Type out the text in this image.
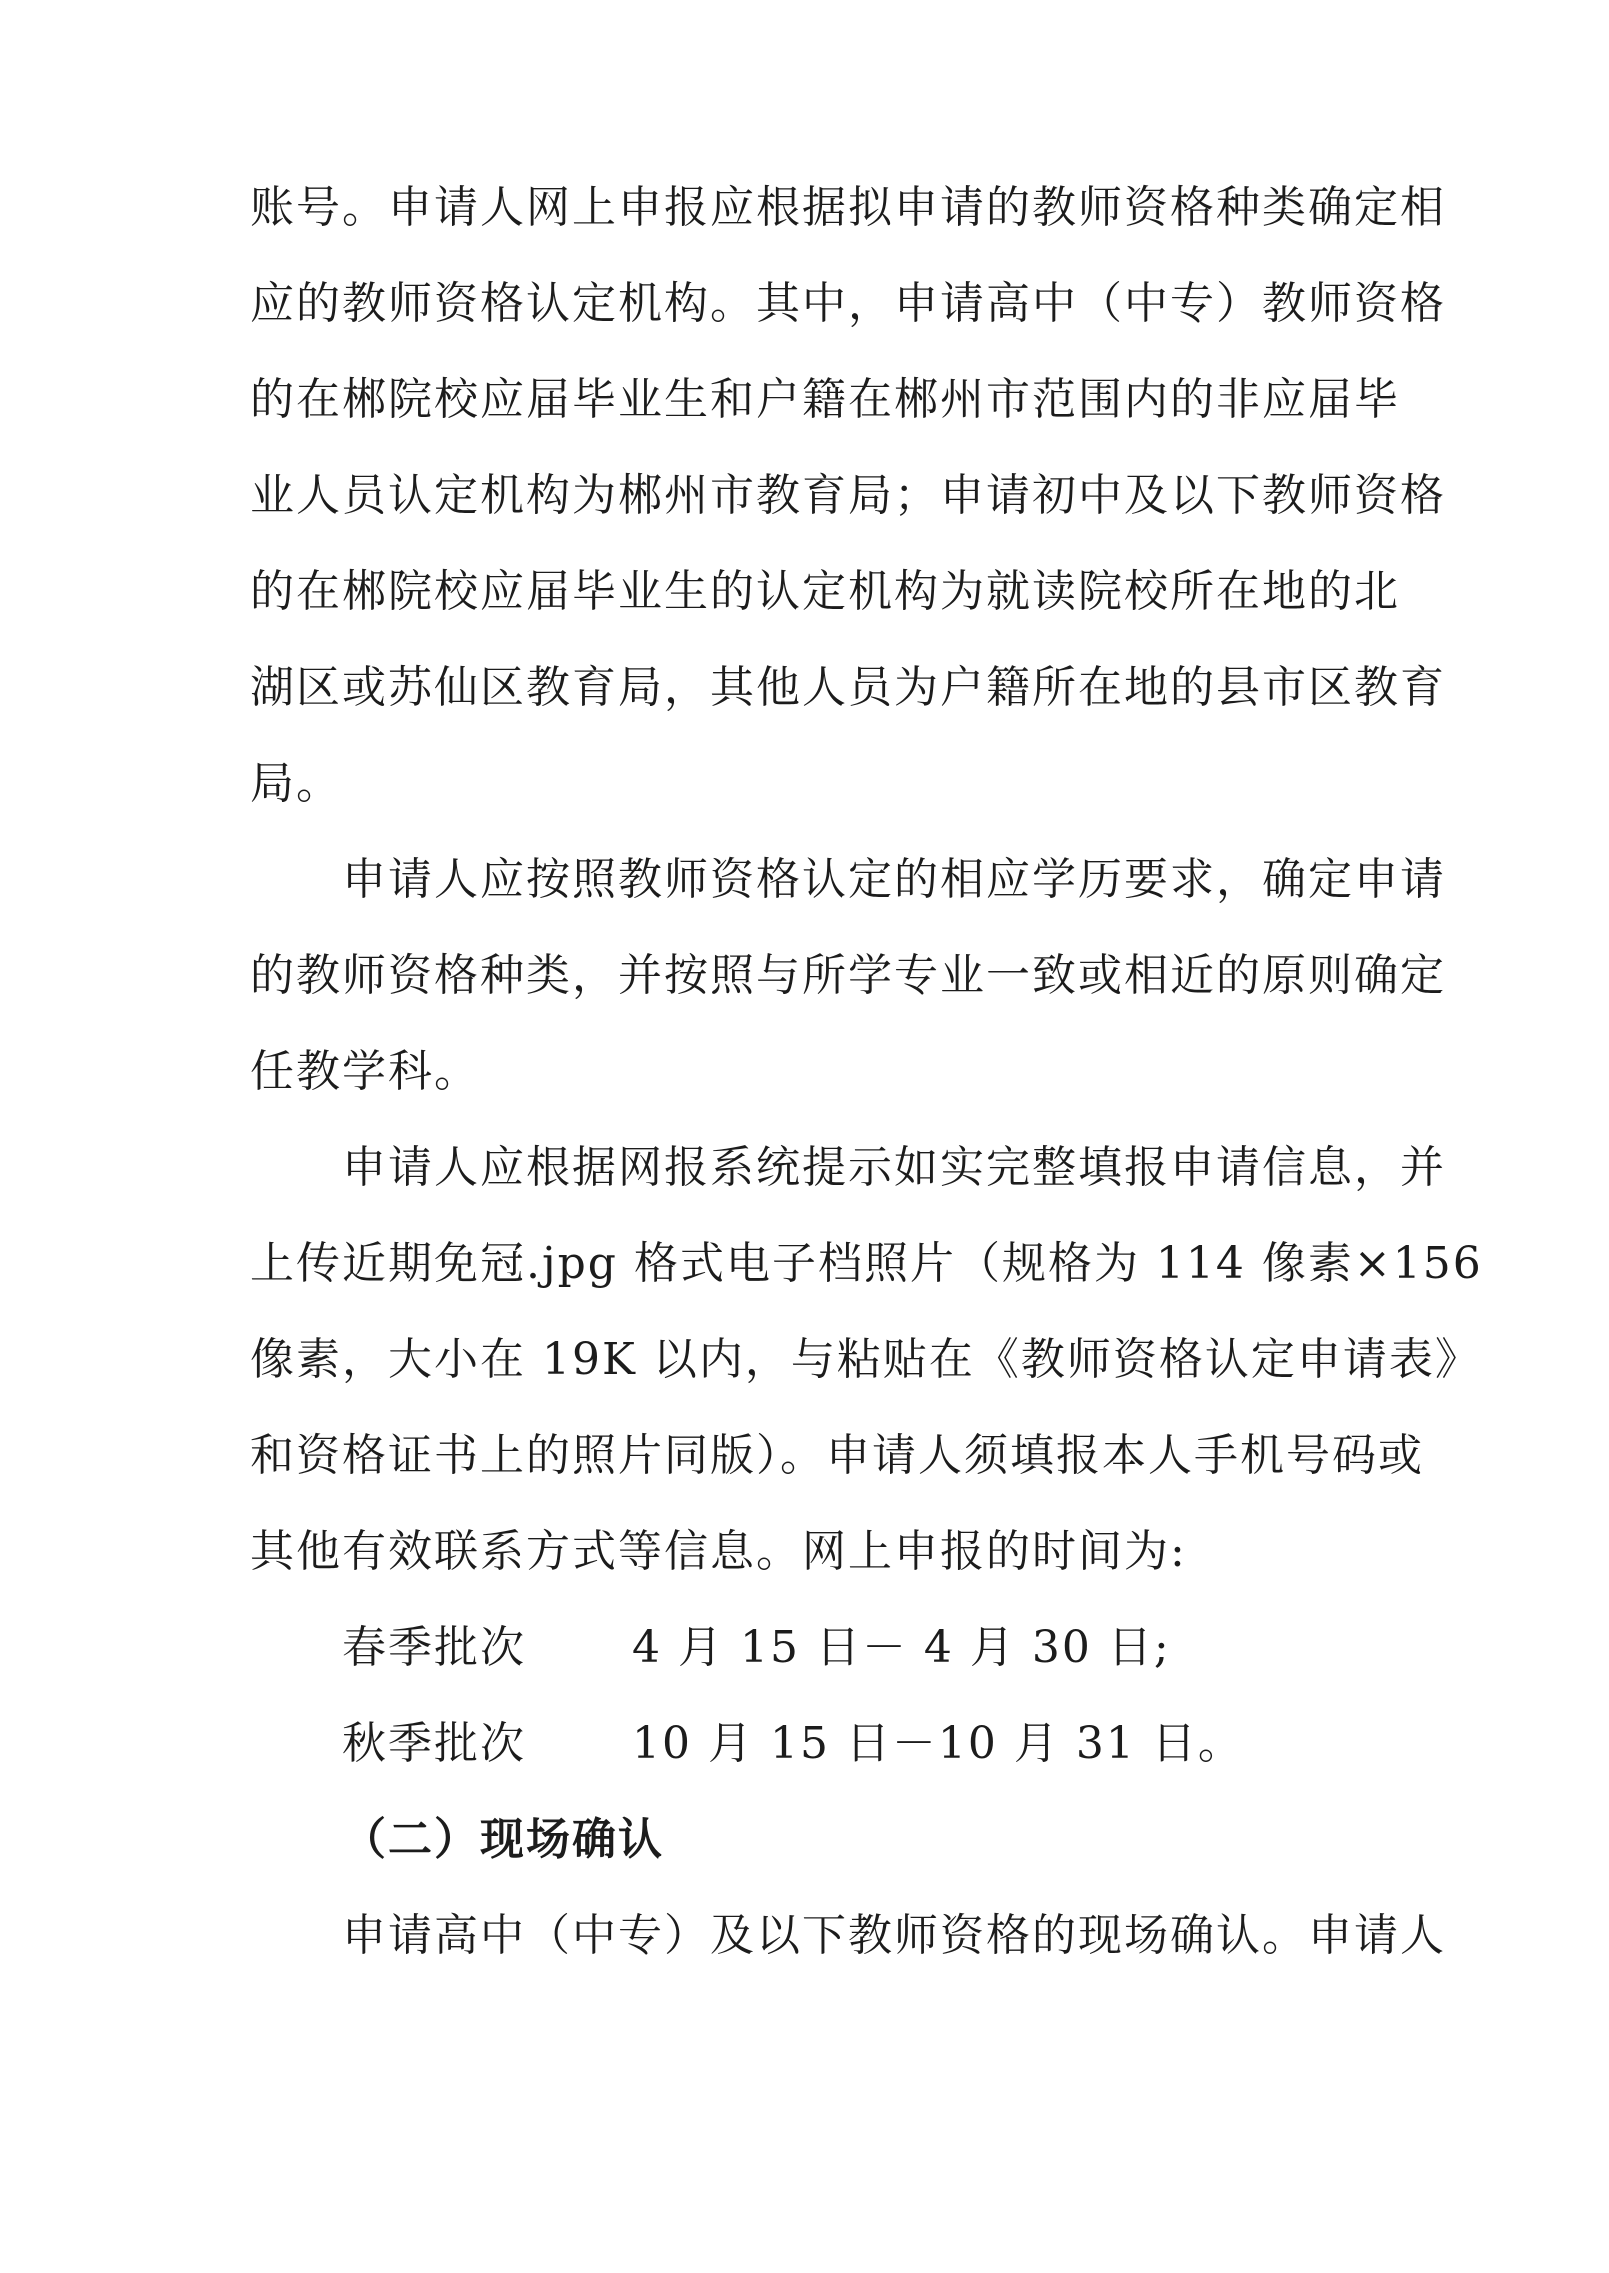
账号。申请人网上申报应根据拟申请的教师资格种类确定相
应的教师资格认定机构。其中，申请高中（中专）教师资格
的在郴院校应届毕业生和户籍在郴州市范围内的非应届毕
业人员认定机构为郴州市教育局；申请初中及以下教师资格
的在郴院校应届毕业生的认定机构为就读院校所在地的北
湖区或苏仙区教育局，其他人员为户籍所在地的县市区教育
局。
申请人应按照教师资格认定的相应学历要求，确定申请
的教师资格种类，并按照与所学专业一致或相近的原则确定
任教学科。
申请人应根据网报系统提示如实完整填报申请信息，并
上传近期免冠.jpg 格式电子档照片（规格为 114 像素×156
像素，大小在 19K 以内，与粘贴在《教师资格认定申请表》
和资格证书上的照片同版）。申请人须填报本人手机号码或
其他有效联系方式等信息。网上申报的时间为:
春季批次 4 月 15 日－ 4 月 30 日;
秋季批次 10 月 15 日－10 月 31 日。
（二）现场确认
申请高中（中专）及以下教师资格的现场确认。申请人
